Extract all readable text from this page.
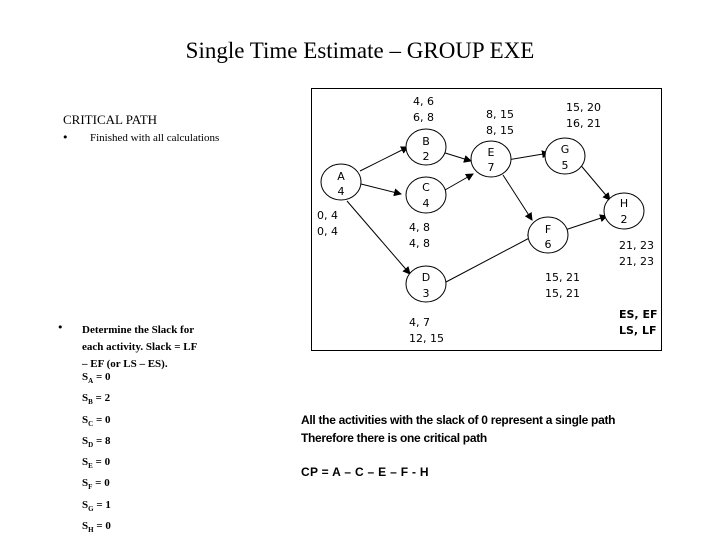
Single Time Estimate – GROUP EXE
CRITICAL PATH
• Finished with all calculations
• Determine the Slack for
each activity. Slack = LF
– EF (or LS – ES).
$S_A = 0$
$S_B = 2$
$S_C = 0$
$S_D = 8$
$S_E = 0$
$S_F = 0$
$S_G = 1$
$S_H = 0$
A
4
B
2
C
4
D
3
E
7
F
6
G
5
H
2
0, 4
0, 4
4, 6
6, 8
4, 8
4, 8
4, 7
12, 15
8, 15
8, 15
15, 21
15, 21
15, 20
16, 21
21, 23
21, 23
ES, EF
LS, LF
All the activities with the slack of 0 represent a single path
Therefore there is one critical path
CP = A – C – E – F - H
